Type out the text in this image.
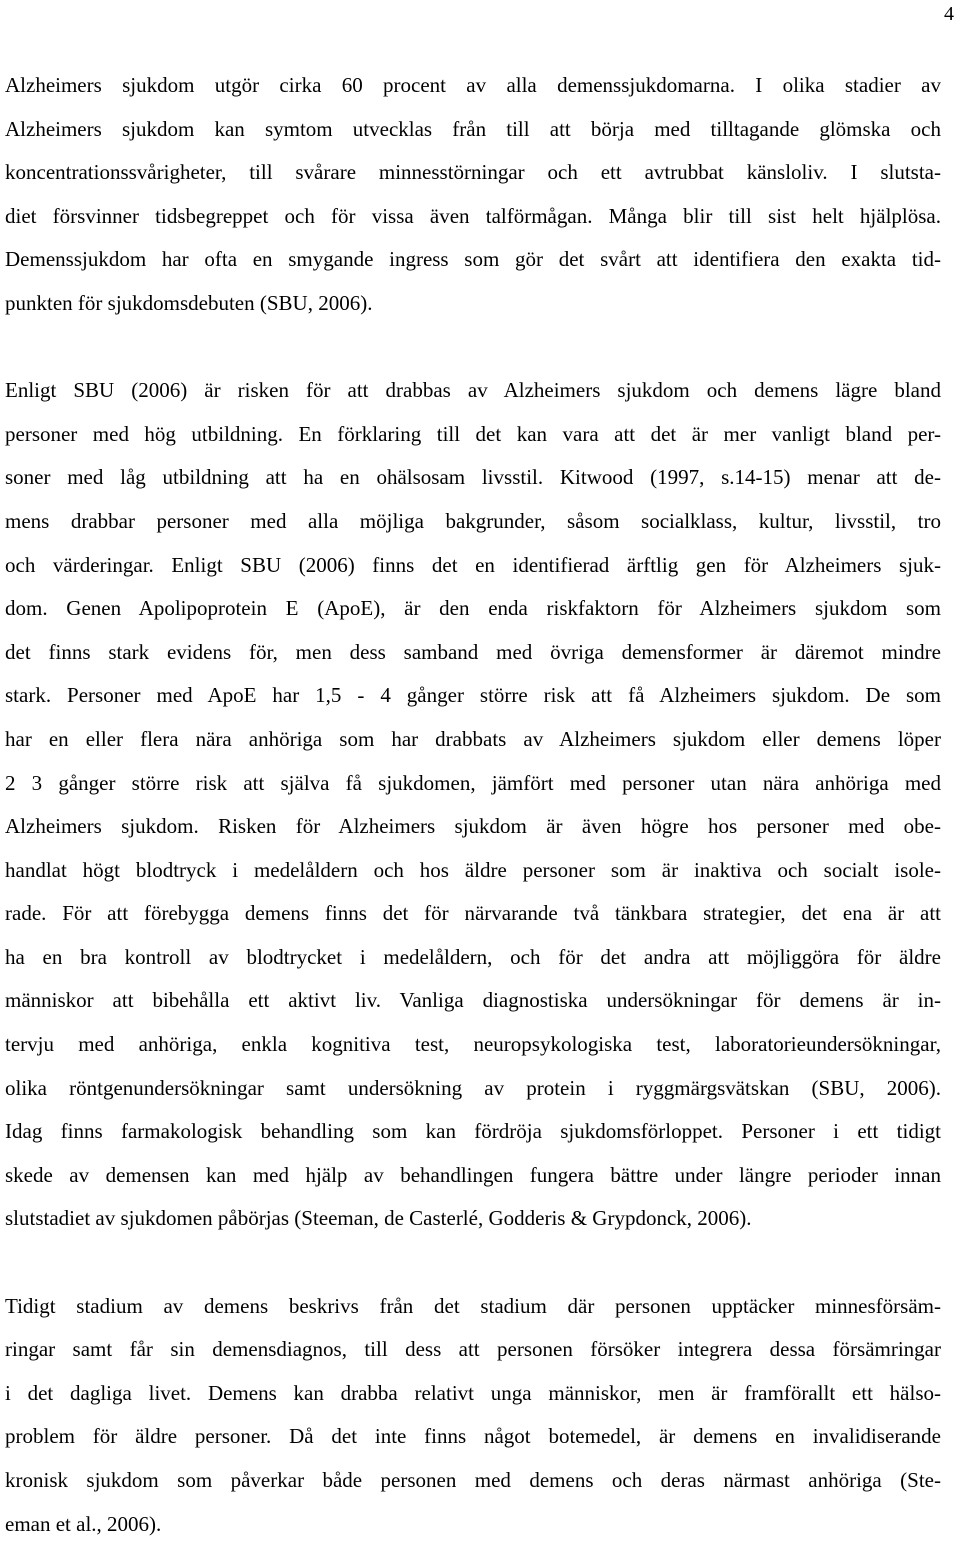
4

Alzheimers sjukdom utgör cirka 60 procent av alla demenssjukdomarna. I olika stadier av
Alzheimers sjukdom kan symtom utvecklas från till att börja med tilltagande glömska och
koncentrationssvårigheter, till svårare minnesstörningar och ett avtrubbat känsloliv. I slutsta-
diet försvinner tidsbegreppet och för vissa även talförmågan. Många blir till sist helt hjälplösa.
Demenssjukdom har ofta en smygande ingress som gör det svårt att identifiera den exakta tid-
punkten för sjukdomsdebuten (SBU, 2006).

Enligt SBU (2006) är risken för att drabbas av Alzheimers sjukdom och demens lägre bland
personer med hög utbildning. En förklaring till det kan vara att det är mer vanligt bland per-
soner med låg utbildning att ha en ohälsosam livsstil. Kitwood (1997, s.14-15) menar att de-
mens drabbar personer med alla möjliga bakgrunder, såsom socialklass, kultur, livsstil, tro
och värderingar. Enligt SBU (2006) finns det en identifierad ärftlig gen för Alzheimers sjuk-
dom. Genen Apolipoprotein E (ApoE), är den enda riskfaktorn för Alzheimers sjukdom som
det finns stark evidens för, men dess samband med övriga demensformer är däremot mindre
stark. Personer med ApoE har 1,5 - 4 gånger större risk att få Alzheimers sjukdom. De som
har en eller flera nära anhöriga som har drabbats av Alzheimers sjukdom eller demens löper
2 3 gånger större risk att själva få sjukdomen, jämfört med personer utan nära anhöriga med
Alzheimers sjukdom. Risken för Alzheimers sjukdom är även högre hos personer med obe-
handlat högt blodtryck i medelåldern och hos äldre personer som är inaktiva och socialt isole-
rade. För att förebygga demens finns det för närvarande två tänkbara strategier, det ena är att
ha en bra kontroll av blodtrycket i medelåldern, och för det andra att möjliggöra för äldre
människor att bibehålla ett aktivt liv. Vanliga diagnostiska undersökningar för demens är in-
tervju med anhöriga, enkla kognitiva test, neuropsykologiska test, laboratorieundersökningar,
olika röntgenundersökningar samt undersökning av protein i ryggmärgsvätskan (SBU, 2006).
Idag finns farmakologisk behandling som kan fördröja sjukdomsförloppet. Personer i ett tidigt
skede av demensen kan med hjälp av behandlingen fungera bättre under längre perioder innan
slutstadiet av sjukdomen påbörjas (Steeman, de Casterlé, Godderis & Grypdonck, 2006).

Tidigt stadium av demens beskrivs från det stadium där personen upptäcker minnesförsäm-
ringar samt får sin demensdiagnos, till dess att personen försöker integrera dessa försämringar
i det dagliga livet. Demens kan drabba relativt unga människor, men är framförallt ett hälso-
problem för äldre personer. Då det inte finns något botemedel, är demens en invalidiserande
kronisk sjukdom som påverkar både personen med demens och deras närmast anhöriga (Ste-
eman et al., 2006).
